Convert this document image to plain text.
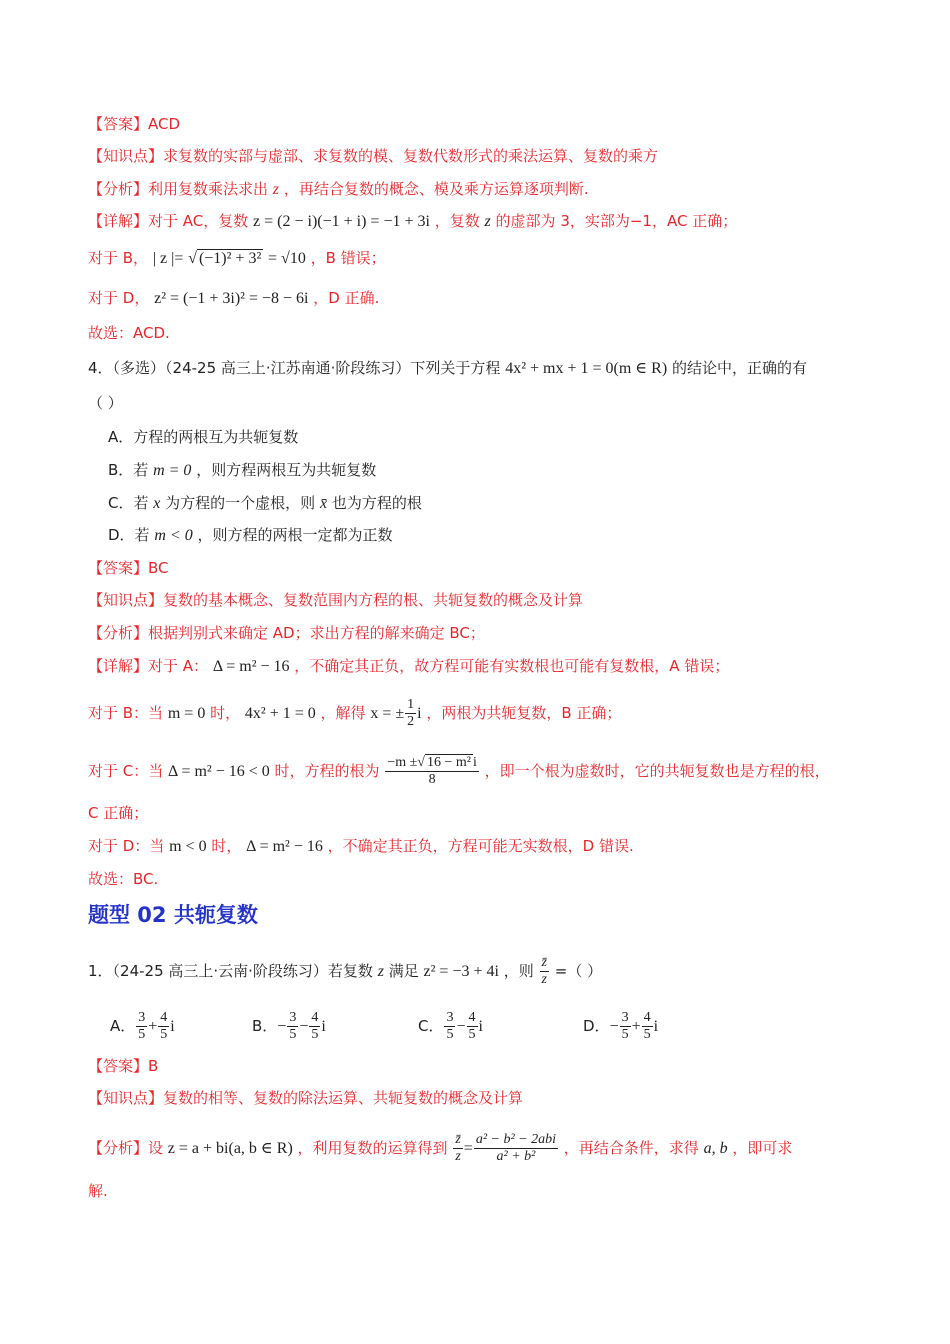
【答案】ACD
【知识点】求复数的实部与虚部、求复数的模、复数代数形式的乘法运算、复数的乘方
【分析】利用复数乘法求出 z ，再结合复数的概念、模及乘方运算逐项判断.
【详解】对于 AC，复数 z = (2 − i)(−1 + i) = −1 + 3i ，复数 z 的虚部为 3，实部为−1，AC 正确；
对于 B， | z |= √ (−1)² + 3² = √10 ，B 错误；
对于 D， z² = (−1 + 3i)² = −8 − 6i ，D 正确.
故选：ACD.
4．（多选）（24-25 高三上·江苏南通·阶段练习）下列关于方程 4x² + mx + 1 = 0(m ∈ R) 的结论中，正确的有
（ ）
A．方程的两根互为共轭复数
B．若 m = 0 ，则方程两根互为共轭复数
C．若 x 为方程的一个虚根，则 x̄ 也为方程的根
D．若 m < 0 ，则方程的两根一定都为正数
【答案】BC
【知识点】复数的基本概念、复数范围内方程的根、共轭复数的概念及计算
【分析】根据判别式来确定 AD；求出方程的解来确定 BC；
【详解】对于 A： Δ = m² − 16 ，不确定其正负，故方程可能有实数根也可能有复数根，A 错误；
对于 B：当 m = 0 时， 4x² + 1 = 0 ，解得 x = ± $\frac{1}{2}$ i ，两根为共轭复数，B 正确；
对于 C：当 Δ = m² − 16 < 0 时，方程的根为 $\frac{\text{−m ±√ 16 − m² i}}{8}$ ，即一个根为虚数时，它的共轭复数也是方程的根，
C 正确；
对于 D：当 m < 0 时， Δ = m² − 16 ，不确定其正负，方程可能无实数根，D 错误.
故选：BC.
题型 02 共轭复数
1．（24-25 高三上·云南·阶段练习）若复数 z 满足 z² = −3 + 4i ，则 $\frac{z̄}{z}$ =（ ）
A． $\frac{3}{5} + \frac{4}{5}$ i	B．− $\frac{3}{5} - \frac{4}{5}$ i	C． $\frac{3}{5} - \frac{4}{5}$ i	D．− $\frac{3}{5} + \frac{4}{5}$ i
【答案】B
【知识点】复数的相等、复数的除法运算、共轭复数的概念及计算
【分析】设 z = a + bi(a, b ∈ R) ，利用复数的运算得到 $\frac{z̄}{z} = \frac{\text{a² − b² − 2abi}}{\text{a² + b²}}$ ，再结合条件，求得 a, b ，即可求
解.
